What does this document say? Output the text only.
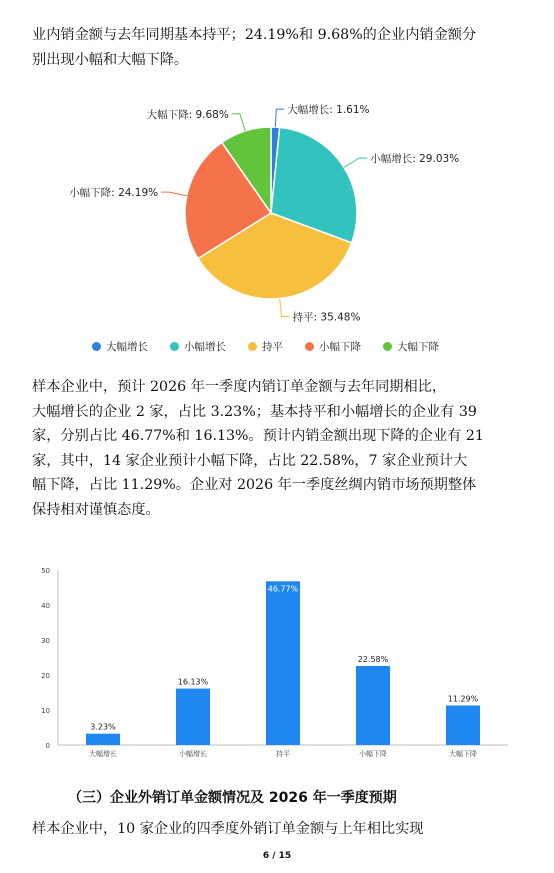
业内销金额与去年同期基本持平；24.19%和 9.68%的企业内销金额分
别出现小幅和大幅下降。
大幅增长: 1.61%
小幅增长: 29.03%
持平: 35.48%
小幅下降: 24.19%
大幅下降: 9.68%
大幅增长	小幅增长	持平	小幅下降	大幅下降
样本企业中，预计 2026 年一季度内销订单金额与去年同期相比，
大幅增长的企业 2 家，占比 3.23%；基本持平和小幅增长的企业有 39
家，分别占比 46.77%和 16.13%。预计内销金额出现下降的企业有 21
家，其中，14 家企业预计小幅下降，占比 22.58%，7 家企业预计大
幅下降，占比 11.29%。企业对 2026 年一季度丝绸内销市场预期整体
保持相对谨慎态度。
0
10
20
30
40
50
3.23%
大幅增长
16.13%
小幅增长
46.77%
持平
22.58%
小幅下降
11.29%
大幅下降
（三）企业外销订单金额情况及 2026 年一季度预期
样本企业中，10 家企业的四季度外销订单金额与上年相比实现
6 / 15
